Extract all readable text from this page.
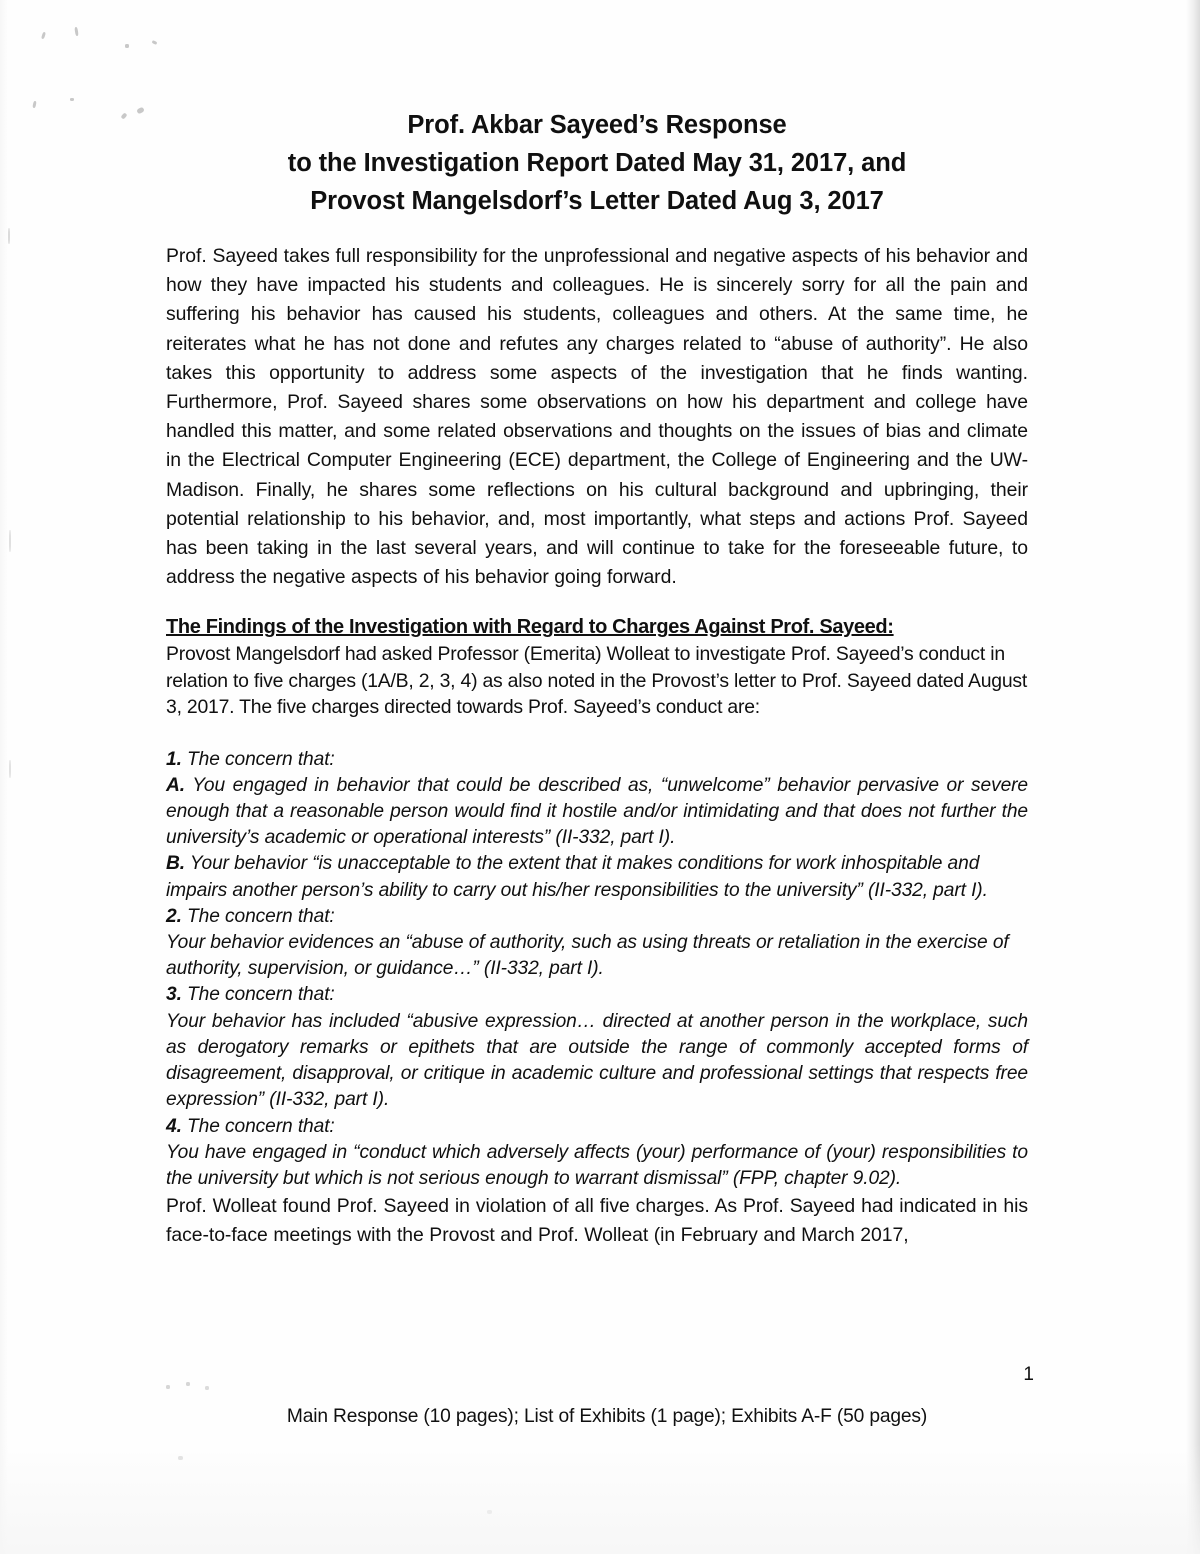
Prof. Akbar Sayeed’s Response
to the Investigation Report Dated May 31, 2017, and
Provost Mangelsdorf’s Letter Dated Aug 3, 2017

Prof. Sayeed takes full responsibility for the unprofessional and negative aspects of his behavior and how they have impacted his students and colleagues. He is sincerely sorry for all the pain and suffering his behavior has caused his students, colleagues and others. At the same time, he reiterates what he has not done and refutes any charges related to “abuse of authority”. He also takes this opportunity to address some aspects of the investigation that he finds wanting. Furthermore, Prof. Sayeed shares some observations on how his department and college have handled this matter, and some related observations and thoughts on the issues of bias and climate in the Electrical Computer Engineering (ECE) department, the College of Engineering and the UW-Madison. Finally, he shares some reflections on his cultural background and upbringing, their potential relationship to his behavior, and, most importantly, what steps and actions Prof. Sayeed has been taking in the last several years, and will continue to take for the foreseeable future, to address the negative aspects of his behavior going forward.

The Findings of the Investigation with Regard to Charges Against Prof. Sayeed:

Provost Mangelsdorf had asked Professor (Emerita) Wolleat to investigate Prof. Sayeed’s conduct in relation to five charges (1A/B, 2, 3, 4) as also noted in the Provost’s letter to Prof. Sayeed dated August 3, 2017. The five charges directed towards Prof. Sayeed’s conduct are:

1. The concern that:

A. You engaged in behavior that could be described as, “unwelcome” behavior pervasive or severe enough that a reasonable person would find it hostile and/or intimidating and that does not further the university’s academic or operational interests” (II-332, part I).

B. Your behavior “is unacceptable to the extent that it makes conditions for work inhospitable and impairs another person’s ability to carry out his/her responsibilities to the university” (II-332, part I).

2. The concern that:

Your behavior evidences an “abuse of authority, such as using threats or retaliation in the exercise of authority, supervision, or guidance…” (II-332, part I).

3. The concern that:

Your behavior has included “abusive expression… directed at another person in the workplace, such as derogatory remarks or epithets that are outside the range of commonly accepted forms of disagreement, disapproval, or critique in academic culture and professional settings that respects free expression” (II-332, part I).

4. The concern that:

You have engaged in “conduct which adversely affects (your) performance of (your) responsibilities to the university but which is not serious enough to warrant dismissal” (FPP, chapter 9.02).

Prof. Wolleat found Prof. Sayeed in violation of all five charges. As Prof. Sayeed had indicated in his face-to-face meetings with the Provost and Prof. Wolleat (in February and March 2017,

1
Main Response (10 pages); List of Exhibits (1 page); Exhibits A-F (50 pages)
